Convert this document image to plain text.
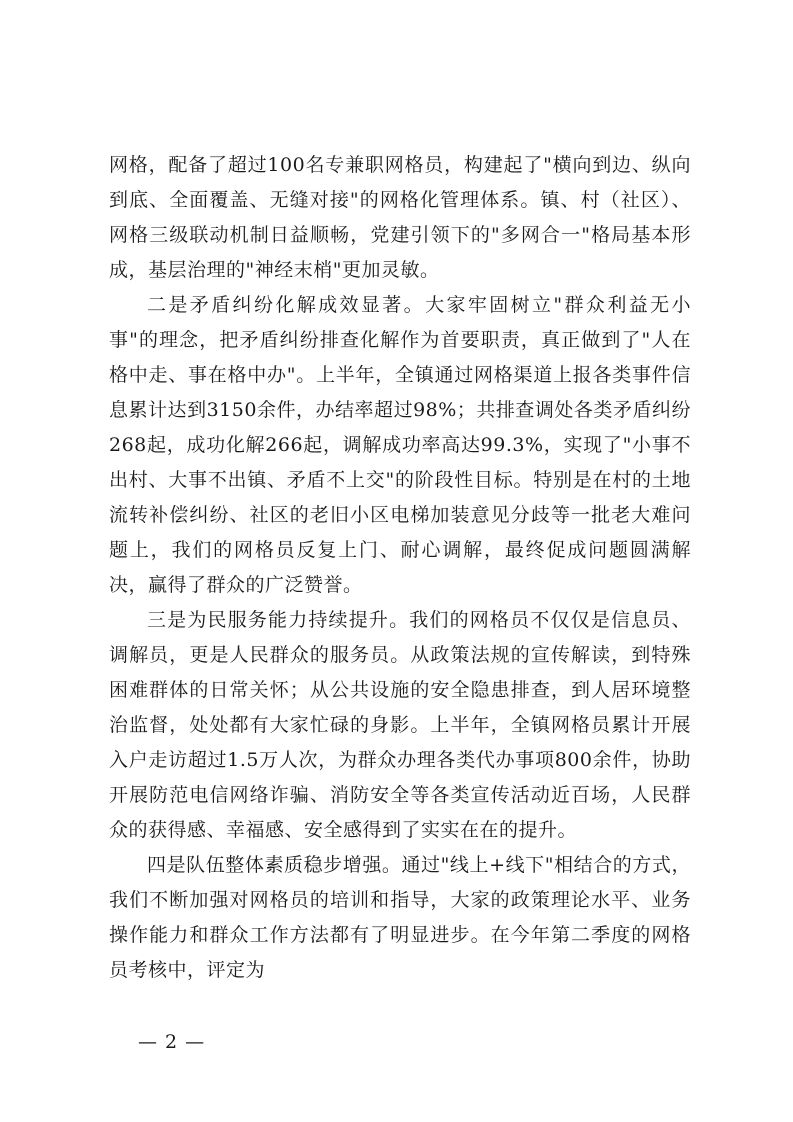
网格，配备了超过100名专兼职网格员，构建起了"横向到边、纵向到底、全面覆盖、无缝对接"的网格化管理体系。镇、村（社区）、网格三级联动机制日益顺畅，党建引领下的"多网合一"格局基本形成，基层治理的"神经末梢"更加灵敏。

二是矛盾纠纷化解成效显著。大家牢固树立"群众利益无小事"的理念，把矛盾纠纷排查化解作为首要职责，真正做到了"人在格中走、事在格中办"。上半年，全镇通过网格渠道上报各类事件信息累计达到3150余件，办结率超过98%；共排查调处各类矛盾纠纷268起，成功化解266起，调解成功率高达99.3%，实现了"小事不出村、大事不出镇、矛盾不上交"的阶段性目标。特别是在村的土地流转补偿纠纷、社区的老旧小区电梯加装意见分歧等一批老大难问题上，我们的网格员反复上门、耐心调解，最终促成问题圆满解决，赢得了群众的广泛赞誉。

三是为民服务能力持续提升。我们的网格员不仅仅是信息员、调解员，更是人民群众的服务员。从政策法规的宣传解读，到特殊困难群体的日常关怀；从公共设施的安全隐患排查，到人居环境整治监督，处处都有大家忙碌的身影。上半年，全镇网格员累计开展入户走访超过1.5万人次，为群众办理各类代办事项800余件，协助开展防范电信网络诈骗、消防安全等各类宣传活动近百场，人民群众的获得感、幸福感、安全感得到了实实在在的提升。

四是队伍整体素质稳步增强。通过"线上+线下"相结合的方式，我们不断加强对网格员的培训和指导，大家的政策理论水平、业务操作能力和群众工作方法都有了明显进步。在今年第二季度的网格员考核中，评定为

— 2 —
